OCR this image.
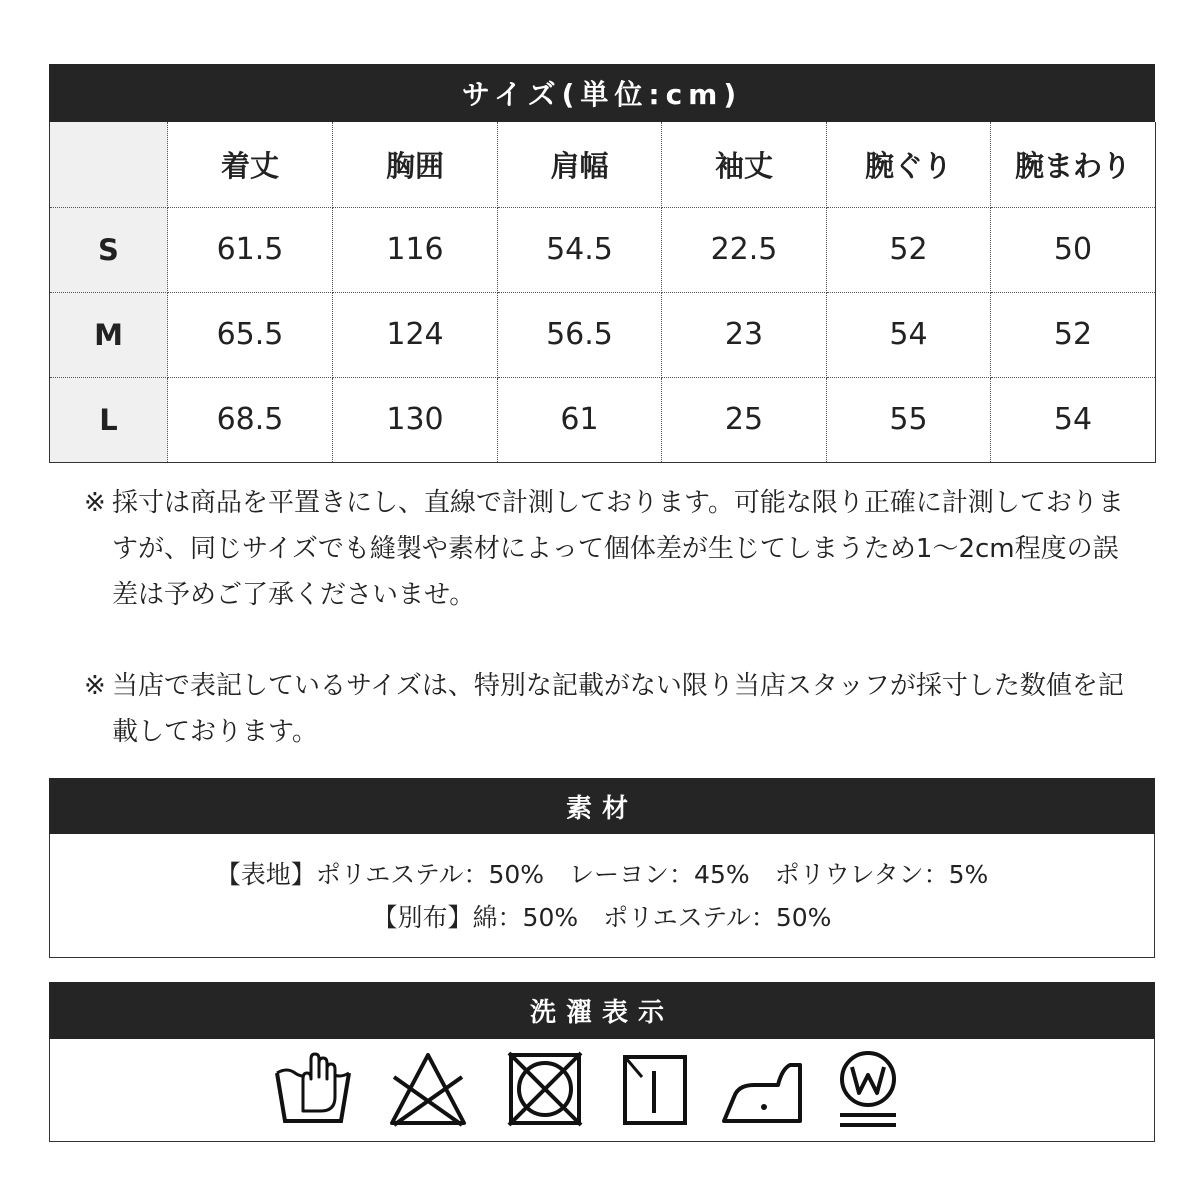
サイズ(単位:cm)
	着丈	胸囲	肩幅	袖丈	腕ぐり	腕まわり
S	61.5	116	54.5	22.5	52	50
M	65.5	124	56.5	23	54	52
L	68.5	130	61	25	55	54
※ 採寸は商品を平置きにし、直線で計測しております。可能な限り正確に計測しておりますが、同じサイズでも縫製や素材によって個体差が生じてしまうため1～2cm程度の誤差は予めご了承くださいませ。
※ 当店で表記しているサイズは、特別な記載がない限り当店スタッフが採寸した数値を記載しております。
素材
【表地】ポリエステル：50%　レーヨン：45%　ポリウレタン：5%
【別布】綿：50%　ポリエステル：50%
洗濯表示
